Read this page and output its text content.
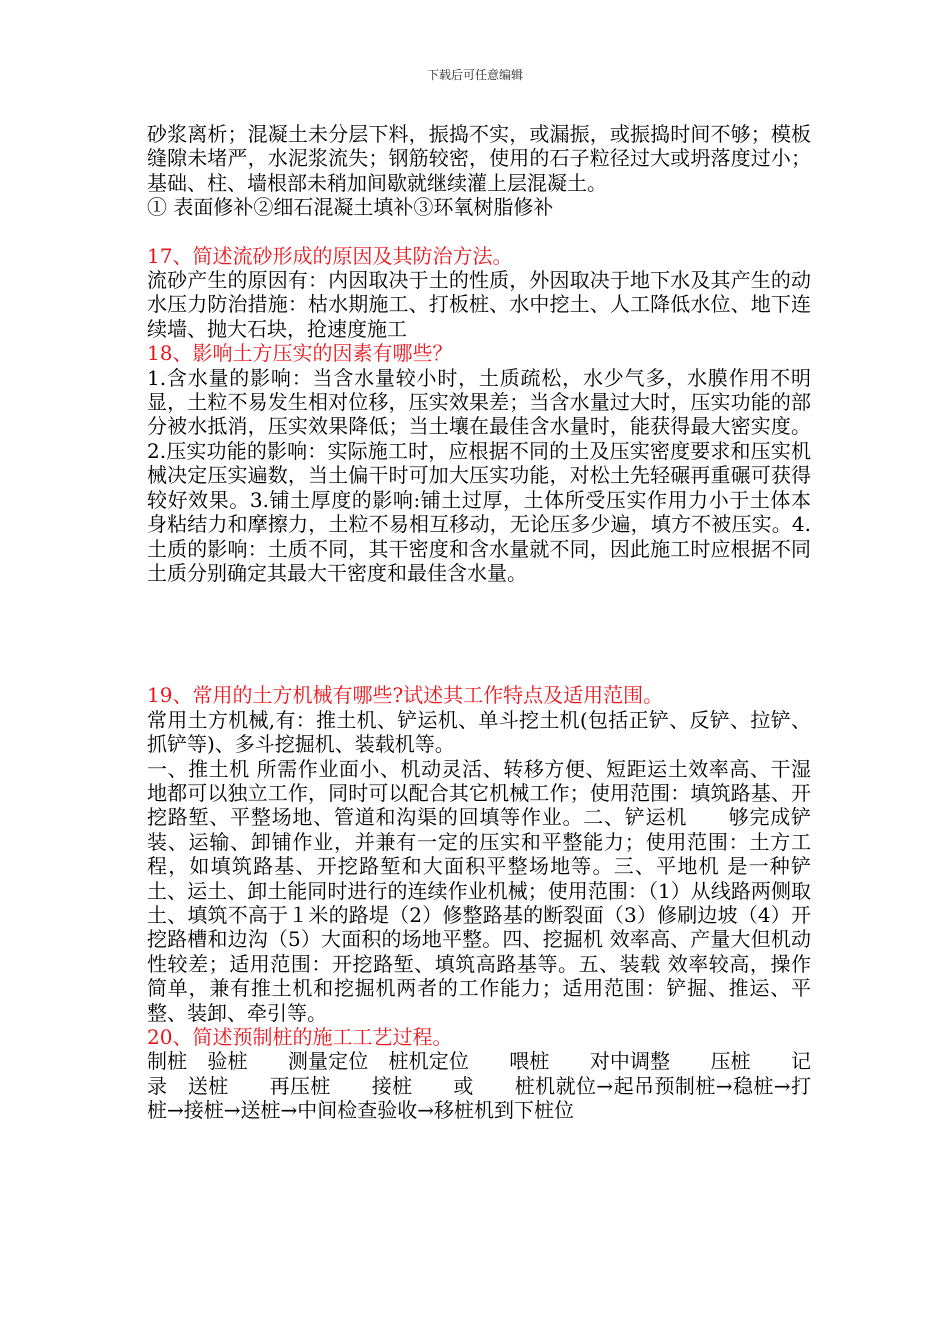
下载后可任意编辑

砂浆离析；混凝土未分层下料，振捣不实，或漏振，或振捣时间不够；模板缝隙未堵严，水泥浆流失；钢筋较密，使用的石子粒径过大或坍落度过小；基础、柱、墙根部未稍加间歇就继续灌上层混凝土。

① 表面修补②细石混凝土填补③环氧树脂修补

17、简述流砂形成的原因及其防治方法。

流砂产生的原因有：内因取决于土的性质，外因取决于地下水及其产生的动水压力防治措施：枯水期施工、打板桩、水中挖土、人工降低水位、地下连续墙、抛大石块，抢速度施工

18、影响土方压实的因素有哪些？

1.含水量的影响：当含水量较小时，土质疏松，水少气多，水膜作用不明显，土粒不易发生相对位移，压实效果差；当含水量过大时，压实功能的部分被水抵消，压实效果降低；当土壤在最佳含水量时，能获得最大密实度。2.压实功能的影响：实际施工时，应根据不同的土及压实密度要求和压实机械决定压实遍数，当土偏干时可加大压实功能，对松土先轻碾再重碾可获得较好效果。3.铺土厚度的影响:铺土过厚，土体所受压实作用力小于土体本身粘结力和摩擦力，土粒不易相互移动，无论压多少遍，填方不被压实。4.土质的影响：土质不同，其干密度和含水量就不同，因此施工时应根据不同土质分别确定其最大干密度和最佳含水量。

19、常用的土方机械有哪些?试述其工作特点及适用范围。

常用土方机械,有：推土机、铲运机、单斗挖土机(包括正铲、反铲、拉铲、抓铲等)、多斗挖掘机、装载机等。

一、推土机 所需作业面小、机动灵活、转移方便、短距运土效率高、干湿地都可以独立工作，同时可以配合其它机械工作；使用范围：填筑路基、开挖路堑、平整场地、管道和沟渠的回填等作业。二、铲运机　　够完成铲装、运输、卸铺作业，并兼有一定的压实和平整能力；使用范围：土方工程，如填筑路基、开挖路堑和大面积平整场地等。三、平地机 是一种铲土、运土、卸土能同时进行的连续作业机械；使用范围：（1）从线路两侧取土、填筑不高于１米的路堤（2）修整路基的断裂面（3）修刷边坡（4）开挖路槽和边沟（5）大面积的场地平整。四、挖掘机 效率高、产量大但机动性较差；适用范围：开挖路堑、填筑高路基等。五、装载 效率较高，操作简单，兼有推土机和挖掘机两者的工作能力；适用范围：铲掘、推运、平整、装卸、牵引等。

20、简述预制桩的施工工艺过程。

制桩　验桩　　测量定位　桩机定位　　喂桩　　对中调整　　压桩　　记录　送桩　　再压桩　　接桩　　或　　桩机就位→起吊预制桩→稳桩→打桩→接桩→送桩→中间检查验收→移桩机到下桩位
